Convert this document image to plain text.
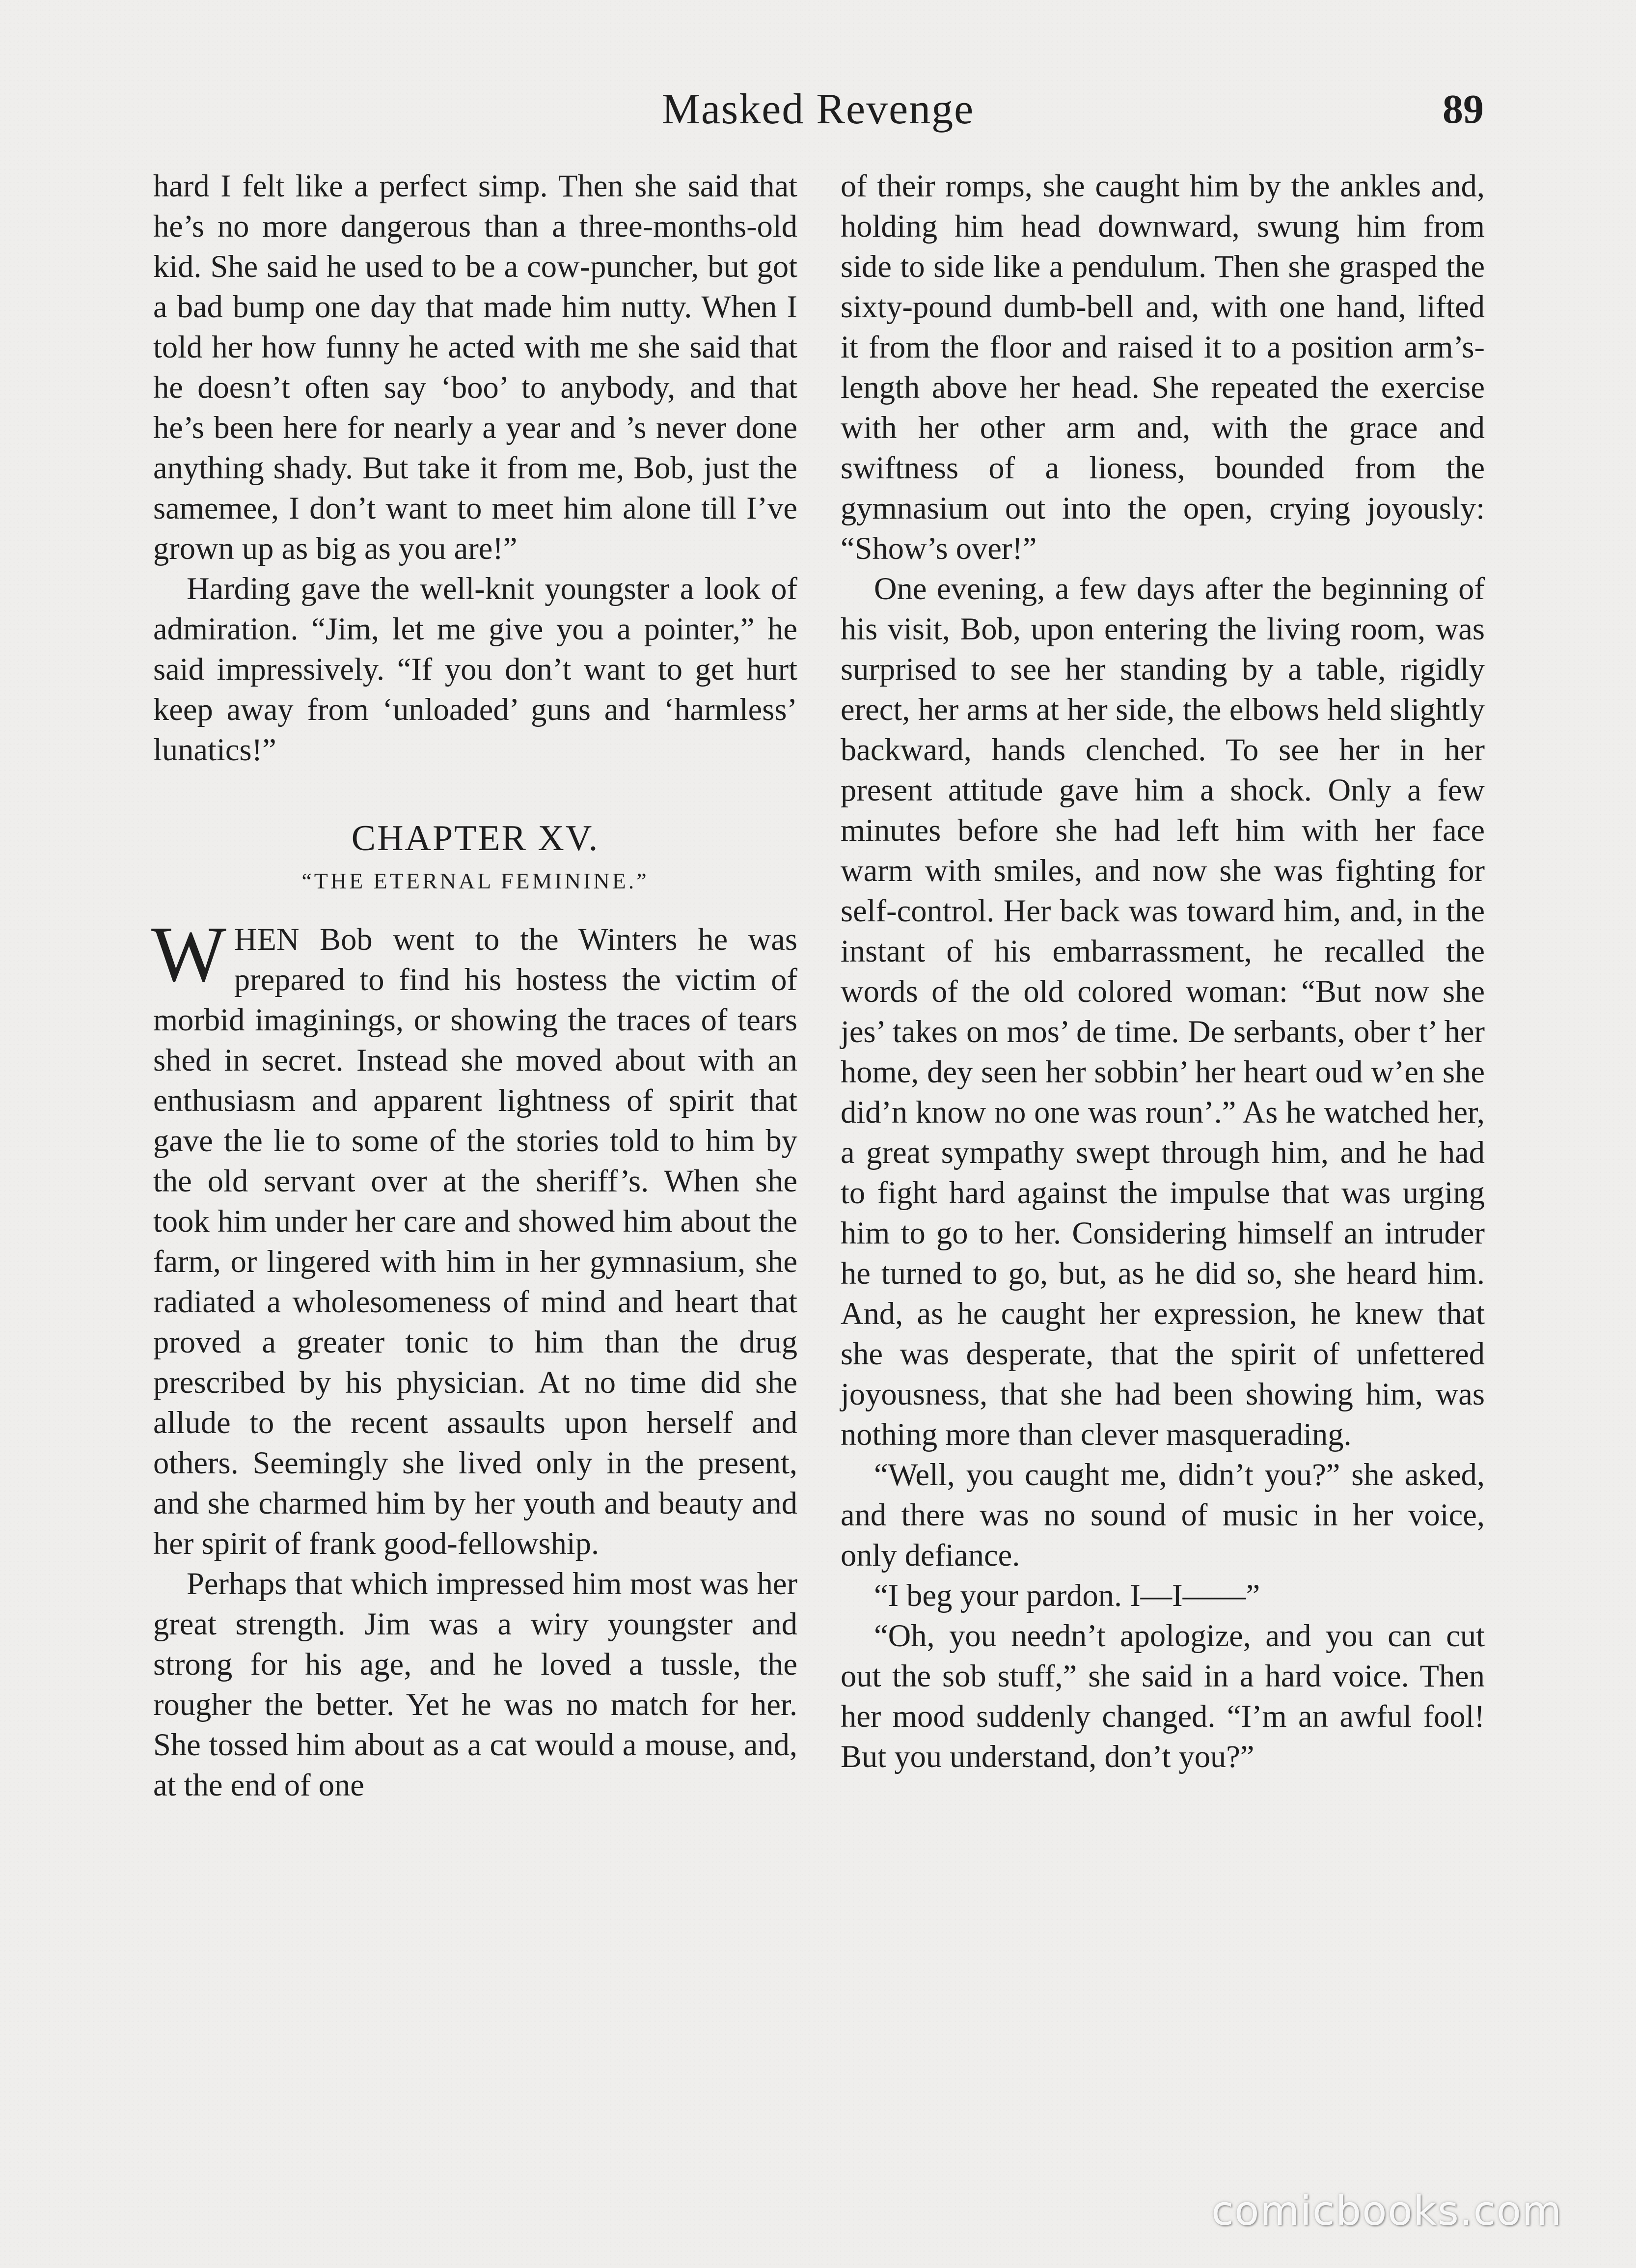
Masked Revenge	89

hard I felt like a perfect simp. Then she said that he’s no more dangerous than a three-months-old kid. She said he used to be a cow-puncher, but got a bad bump one day that made him nutty. When I told her how funny he acted with me she said that he doesn’t often say ‘boo’ to anybody, and that he’s been here for nearly a year and ’s never done anything shady. But take it from me, Bob, just the samemee, I don’t want to meet him alone till I’ve grown up as big as you are!”

Harding gave the well-knit youngster a look of admiration. “Jim, let me give you a pointer,” he said impressively. “If you don’t want to get hurt keep away from ‘unloaded’ guns and ‘harmless’ lunatics!”

CHAPTER XV.
“THE ETERNAL FEMININE.”

WHEN Bob went to the Winters he was prepared to find his hostess the victim of morbid imaginings, or showing the traces of tears shed in secret. Instead she moved about with an enthusiasm and apparent lightness of spirit that gave the lie to some of the stories told to him by the old servant over at the sheriff’s. When she took him under her care and showed him about the farm, or lingered with him in her gymnasium, she radiated a wholesomeness of mind and heart that proved a greater tonic to him than the drug prescribed by his physician. At no time did she allude to the recent assaults upon herself and others. Seemingly she lived only in the present, and she charmed him by her youth and beauty and her spirit of frank good-fellowship.

Perhaps that which impressed him most was her great strength. Jim was a wiry youngster and strong for his age, and he loved a tussle, the rougher the better. Yet he was no match for her. She tossed him about as a cat would a mouse, and, at the end of one

of their romps, she caught him by the ankles and, holding him head downward, swung him from side to side like a pendulum. Then she grasped the sixty-pound dumb-bell and, with one hand, lifted it from the floor and raised it to a position arm’s-length above her head. She repeated the exercise with her other arm and, with the grace and swiftness of a lioness, bounded from the gymnasium out into the open, crying joyously: “Show’s over!”

One evening, a few days after the beginning of his visit, Bob, upon entering the living room, was surprised to see her standing by a table, rigidly erect, her arms at her side, the elbows held slightly backward, hands clenched. To see her in her present attitude gave him a shock. Only a few minutes before she had left him with her face warm with smiles, and now she was fighting for self-control. Her back was toward him, and, in the instant of his embarrassment, he recalled the words of the old colored woman: “But now she jes’ takes on mos’ de time. De serbants, ober t’ her home, dey seen her sobbin’ her heart oud w’en she did’n know no one was roun’.” As he watched her, a great sympathy swept through him, and he had to fight hard against the impulse that was urging him to go to her. Considering himself an intruder he turned to go, but, as he did so, she heard him. And, as he caught her expression, he knew that she was desperate, that the spirit of unfettered joyousness, that she had been showing him, was nothing more than clever masquerading.

“Well, you caught me, didn’t you?” she asked, and there was no sound of music in her voice, only defiance.

“I beg your pardon. I—I——”

“Oh, you needn’t apologize, and you can cut out the sob stuff,” she said in a hard voice. Then her mood suddenly changed. “I’m an awful fool! But you understand, don’t you?”

comicbooks.com
